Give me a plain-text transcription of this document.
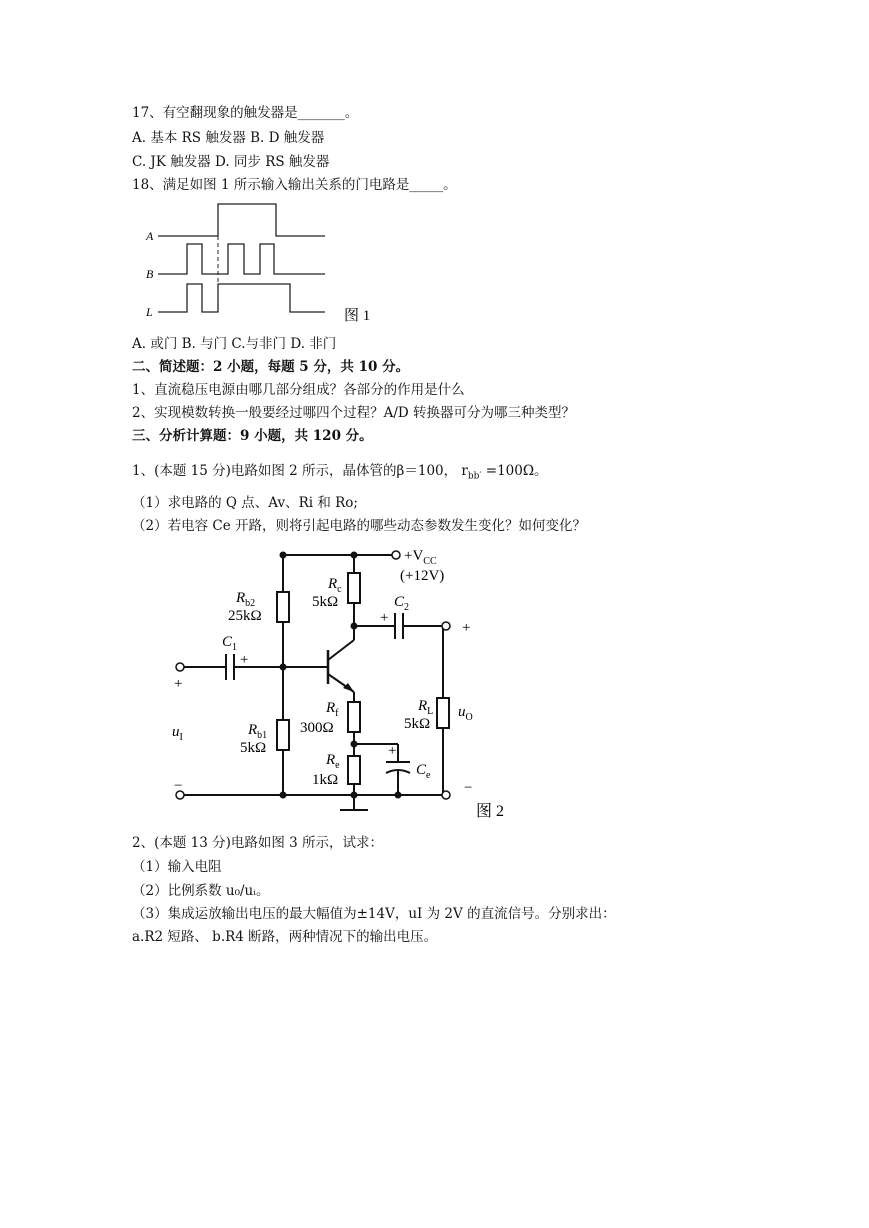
17、有空翻现象的触发器是_______。
A. 基本 RS 触发器 B. D 触发器
C. JK 触发器 D. 同步 RS 触发器
18、满足如图 1 所示输入输出关系的门电路是_____。
A
B
L	图 1
A. 或门 B. 与门 C.与非门 D. 非门
二、简述题：2 小题，每题 5 分，共 10 分。
1、直流稳压电源由哪几部分组成？各部分的作用是什么
2、实现模数转换一般要经过哪四个过程？A/D 转换器可分为哪三种类型？
三、分析计算题：9 小题，共 120 分。
1、(本题 15 分)电路如图 2 所示，晶体管的β＝100， $r_{bb'} =100\Omega$。
（1）求电路的 Q 点、Av、Ri 和 Ro;
（2）若电容 Ce 开路，则将引起电路的哪些动态参数发生变化？如何变化？
$+V_{CC}$
(+12V)
$R_{b2}$
25kΩ
$R_c$
5kΩ	$C_2$
+
+
$C_1$
+
+
$R_f$
300Ω
$R_L$
5kΩ
$u_O$
$u_I$	$R_{b1}$
5kΩ	+
$R_e$
1kΩ
$C_e$
−	−
图 2
2、(本题 13 分)电路如图 3 所示，试求：
（1）输入电阻
（2）比例系数 u₀/uᵢ。
（3）集成运放输出电压的最大幅值为±14V，uI 为 2V 的直流信号。分别求出：
a.R2 短路、 b.R4 断路，两种情况下的输出电压。
